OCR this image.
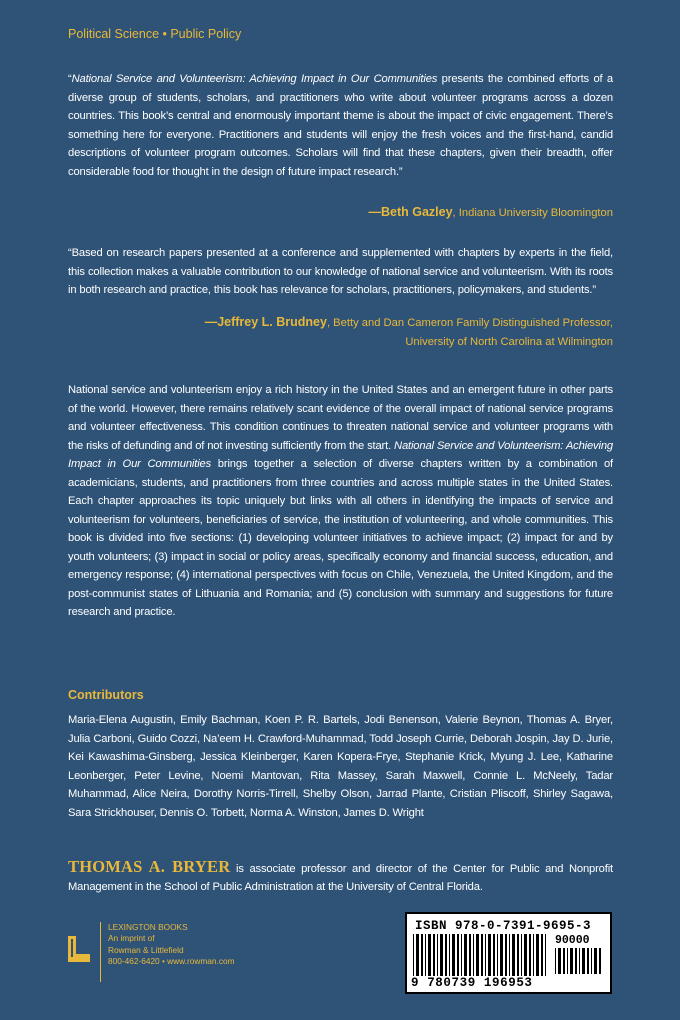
Political Science • Public Policy
“National Service and Volunteerism: Achieving Impact in Our Communities presents the combined efforts of a diverse group of students, scholars, and practitioners who write about volunteer programs across a dozen countries. This book’s central and enormously important theme is about the impact of civic engagement. There’s something here for everyone. Practitioners and students will enjoy the fresh voices and the first-hand, candid descriptions of volunteer program outcomes. Scholars will find that these chapters, given their breadth, offer considerable food for thought in the design of future impact research.”
—Beth Gazley, Indiana University Bloomington
“Based on research papers presented at a conference and supplemented with chapters by experts in the field, this collection makes a valuable contribution to our knowledge of national service and volunteerism. With its roots in both research and practice, this book has relevance for scholars, practitioners, policymakers, and students.”
—Jeffrey L. Brudney, Betty and Dan Cameron Family Distinguished Professor,
University of North Carolina at Wilmington
National service and volunteerism enjoy a rich history in the United States and an emergent future in other parts of the world. However, there remains relatively scant evidence of the overall impact of national service programs and volunteer effectiveness. This condition continues to threaten national service and volunteer programs with the risks of defunding and of not investing sufficiently from the start. National Service and Volunteerism: Achieving Impact in Our Communities brings together a selection of diverse chapters written by a combination of academicians, students, and practitioners from three countries and across multiple states in the United States. Each chapter approaches its topic uniquely but links with all others in identifying the impacts of service and volunteerism for volunteers, beneficiaries of service, the institution of volunteering, and whole communities. This book is divided into five sections: (1) developing volunteer initiatives to achieve impact; (2) impact for and by youth volunteers; (3) impact in social or policy areas, specifically economy and financial success, education, and emergency response; (4) international perspectives with focus on Chile, Venezuela, the United Kingdom, and the post-communist states of Lithuania and Romania; and (5) conclusion with summary and suggestions for future research and practice.
Contributors
Maria-Elena Augustin, Emily Bachman, Koen P. R. Bartels, Jodi Benenson, Valerie Beynon, Thomas A. Bryer, Julia Carboni, Guido Cozzi, Na’eem H. Crawford-Muhammad, Todd Joseph Currie, Deborah Jospin, Jay D. Jurie, Kei Kawashima-Ginsberg, Jessica Kleinberger, Karen Kopera-Frye, Stephanie Krick, Myung J. Lee, Katharine Leonberger, Peter Levine, Noemi Mantovan, Rita Massey, Sarah Maxwell, Connie L. McNeely, Tadar Muhammad, Alice Neira, Dorothy Norris-Tirrell, Shelby Olson, Jarrad Plante, Cristian Pliscoff, Shirley Sagawa, Sara Strickhouser, Dennis O. Torbett, Norma A. Winston, James D. Wright
THOMAS A. BRYER is associate professor and director of the Center for Public and Nonprofit Management in the School of Public Administration at the University of Central Florida.
LEXINGTON BOOKS
An imprint of
Rowman & Littlefield
800-462-6420 • www.rowman.com
ISBN 978-0-7391-9695-3
90000
9 780739 196953
